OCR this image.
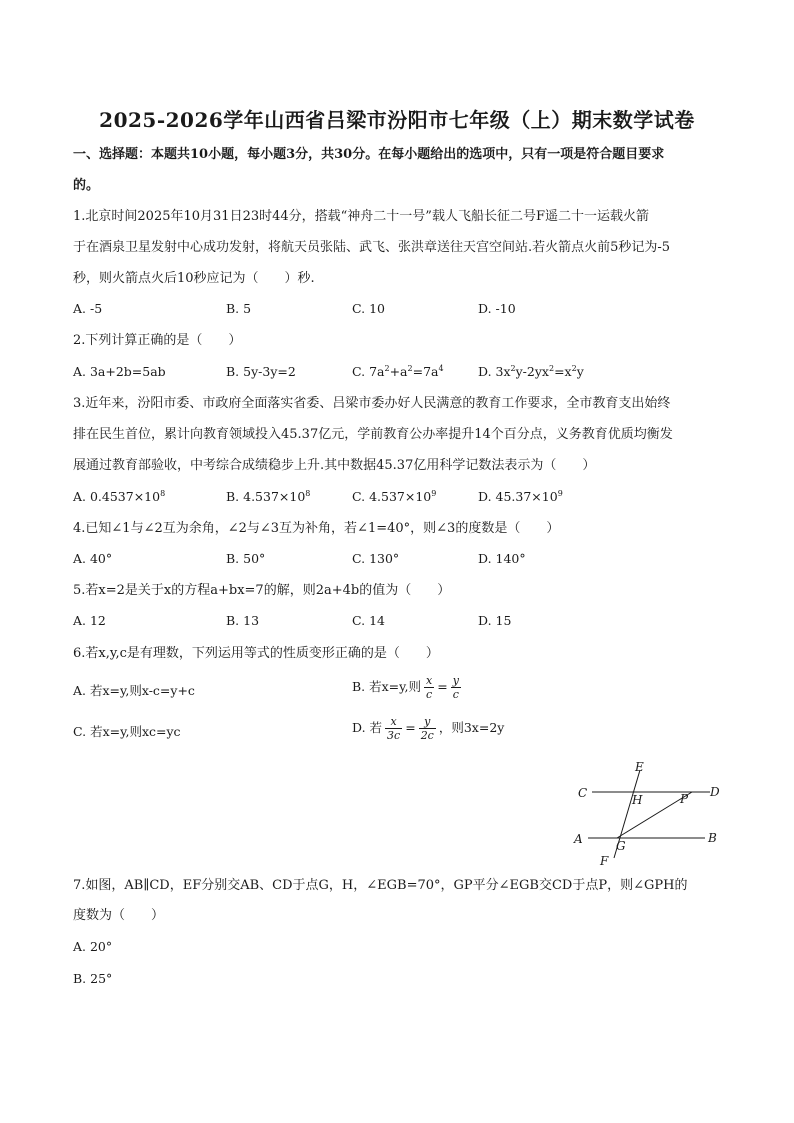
2025-2026学年山西省吕梁市汾阳市七年级（上）期末数学试卷
一、选择题：本题共10小题，每小题3分，共30分。在每小题给出的选项中，只有一项是符合题目要求
的。
1.北京时间2025年10月31日23时44分，搭载“神舟二十一号”载人飞船长征二号F遥二十一运载火箭
于在酒泉卫星发射中心成功发射，将航天员张陆、武飞、张洪章送往天宫空间站.若火箭点火前5秒记为-5
秒，则火箭点火后10秒应记为（　　）秒.
A. -5	B. 5	C. 10	D. -10
2.下列计算正确的是（　　）
A. 3a+2b=5ab	B. 5y-3y=2	C. $7a^2+a^2=7a^4$	D. $3x^2y-2yx^2=x^2y$
3.近年来，汾阳市委、市政府全面落实省委、吕梁市委办好人民满意的教育工作要求，全市教育支出始终
排在民生首位，累计向教育领域投入45.37亿元，学前教育公办率提升14个百分点，义务教育优质均衡发
展通过教育部验收，中考综合成绩稳步上升.其中数据45.37亿用科学记数法表示为（　　）
A. $0.4537\times 10^8$	B. $4.537\times 10^8$	C. $4.537\times 10^9$	D. $45.37\times 10^9$
4.已知∠1与∠2互为余角，∠2与∠3互为补角，若∠1=40°，则∠3的度数是（　　）
A. 40°	B. 50°	C. 130°	D. 140°
5.若x=2是关于x的方程a+bx=7的解，则2a+4b的值为（　　）
A. 12	B. 13	C. 14	D. 15
6.若x,y,c是有理数，下列运用等式的性质变形正确的是（　　）
A. 若x=y,则x-c=y+c	B. 若x=y,则 $\frac{x}{c} = \frac{y}{c}$
C. 若x=y,则xc=yc	D. 若 $\frac{x}{3c} = \frac{y}{2c}$ ，则3x=2y
E
C	H	P D
A	G
B
F
7.如图，AB∥CD，EF分别交AB、CD于点G，H，∠EGB=70°，GP平分∠EGB交CD于点P，则∠GPH的
度数为（　　）
A. 20°
B. 25°
